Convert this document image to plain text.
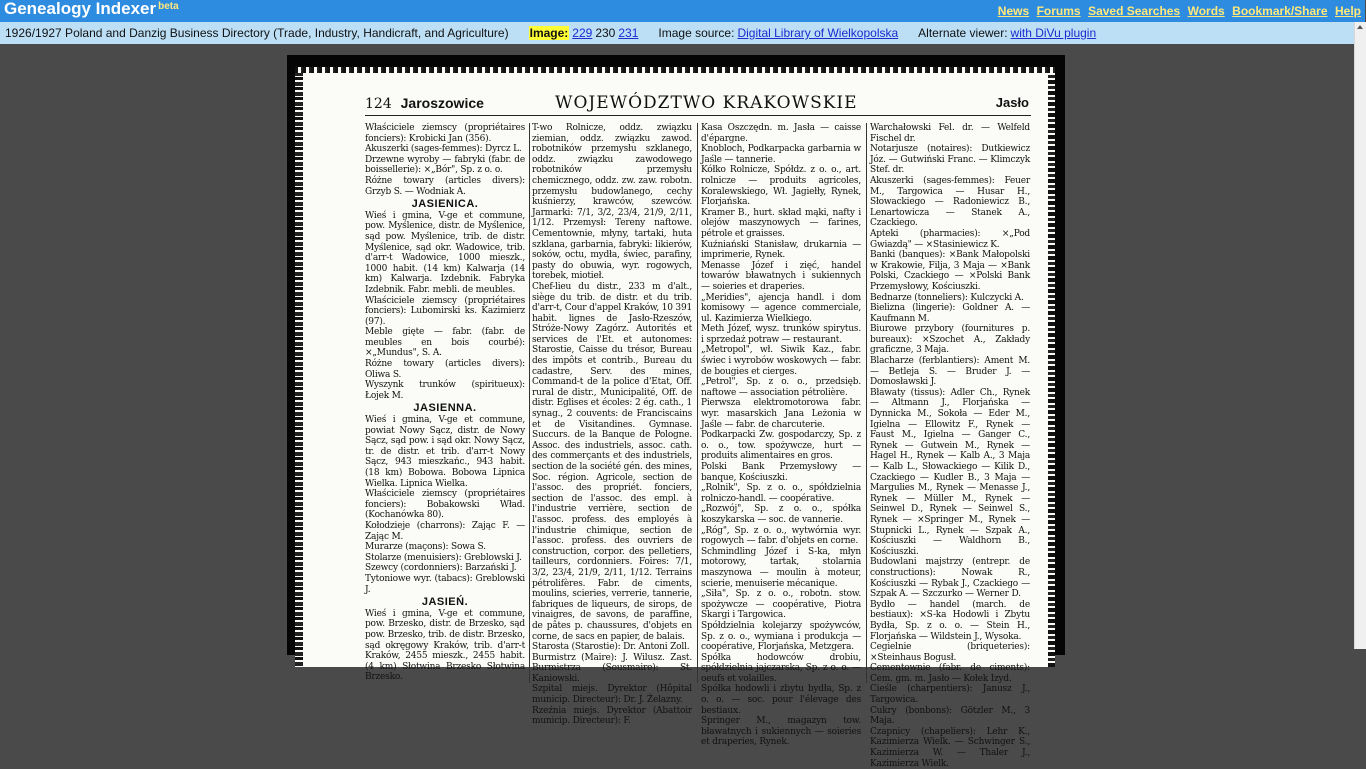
Genealogy Indexer $^{beta}$	News Forums Saved Searches Words Bookmark/Share Help
1926/1927 Poland and Danzig Business Directory (Trade, Industry, Handicraft, and Agriculture) Image: 229 230 231 Image source: Digital Library of Wielkopolska Alternate viewer: with DiVu plugin
124 Jaroszowice	WOJEWÓDZTWO KRAKOWSKIE	Jasło

Właściciele ziemscy (propriétaires fonciers): Krobicki Jan (356).

Akuszerki (sages-femmes): Dyrcz L.

Drzewne wyroby — fabryki (fabr. de boissellerie): ×„Bór", Sp. z o. o.

Różne towary (articles divers): Grzyb S. — Wodniak A.

JASIENICA.

Wieś i gmina, V-ge et commune, pow. Myślenice, distr. de Myślenice, sąd pow. Myślenice, trib. de distr. Myślenice, sąd okr. Wadowice, trib. d'arr-t Wadowice, 1000 mieszk., 1000 habit. (14 km) Kalwarja (14 km) Kalwarja. Izdebnik. Fabryka Izdebnik. Fabr. mebli. de meubles.

Właściciele ziemscy (propriétaires fonciers): Lubomirski ks. Kazimierz (97).

Meble gięte — fabr. (fabr. de meubles en bois courbé): ×„Mundus", S. A.

Różne towary (articles divers): Oliwa S.

Wyszynk trunków (spiritueux): Łojek M.

JASIENNA.

Wieś i gmina, V-ge et commune, powiat Nowy Sącz, distr. de Nowy Sącz, sąd pow. i sąd okr. Nowy Sącz, tr. de distr. et trib. d'arr-t Nowy Sącz, 943 mieszkańc., 943 habit. (18 km) Bobowa. Bobowa Lipnica Wielka. Lipnica Wielka.

Właściciele ziemscy (propriétaires fonciers): Bobakowski Wład. (Kochanówka 80).

Kołodzieje (charrons): Zając F. — Zając M.

Murarze (maçons): Sowa S.

Stolarze (menuisiers): Greblowski J.

Szewcy (cordonniers): Barzański J.

Tytoniowe wyr. (tabacs): Greblowski J.

JASIEŃ.

Wieś i gmina, V-ge et commune, pow. Brzesko, distr. de Brzesko, sąd pow. Brzesko, trib. de distr. Brzesko, sąd okręgowy Kraków, trib. d'arr-t Kraków, 2455 mieszk., 2455 habit. (4 km) Słotwina Brzesko Słotwina Brzesko.

T-wo Rolnicze, oddz. związku ziemian, oddz. związku zawod. robotników przemysłu szklanego, oddz. związku zawodowego robotników przemysłu chemicznego, oddz. zw. zaw. robotn. przemysłu budowlanego, cechy kuśnierzy, krawców, szewców. Jarmarki: 7/1, 3/2, 23/4, 21/9, 2/11, 1/12. Przemysł: Tereny naftowe. Cementownie, młyny, tartaki, huta szklana, garbarnia, fabryki: likierów, soków, octu, mydła, świec, parafiny, pasty do obuwia, wyr. rogowych, torebek, miotieł.

Chef-lieu du distr., 233 m d'alt., siège du trib. de distr. et du trib. d'arr-t, Cour d'appel Kraków, 10 391 habit. lignes de Jasło-Rzeszów, Stróże-Nowy Zagórz. Autorités et services de l'Et. et autonomes: Starostie, Caisse du trésor, Bureau des impôts et contrib., Bureau du cadastre, Serv. des mines, Command-t de la police d'Etat, Off. rural de distr., Municipalité, Off. de distr. Eglises et écoles: 2 ég. cath., 1 synag., 2 couvents: de Franciscains et de Visitandines. Gymnase. Succurs. de la Banque de Pologne. Assoc. des industriels, assoc. cath. des commerçants et des industriels, section de la société gén. des mines, Soc. région. Agricole, section de l'assoc. des propriét. fonciers, section de l'assoc. des empl. à l'industrie verrière, section de l'assoc. profess. des employés à l'industrie chimique, section de l'assoc. profess. des ouvriers de construction, corpor. des pelletiers, tailleurs, cordonniers. Foires: 7/1, 3/2, 23/4, 21/9, 2/11, 1/12. Terrains pétrolifères. Fabr. de ciments, moulins, scieries, verrerie, tannerie, fabriques de liqueurs, de sirops, de vinaigres, de savons, de paraffine, de pâtes p. chaussures, d'objets en corne, de sacs en papier, de balais.

Starosta (Starostie): Dr. Antoni Zoll.

Burmistrz (Maire): J. Wilusz. Zast. Burmistrza (Sousmaire): St. Kaniowski.

Szpital miejs. Dyrektor (Hôpital municip. Directeur): Dr. J. Żelazny.

Rzeźnia miejs. Dyrektor (Abattoir municip. Directeur): F.

Kasa Oszczędn. m. Jasła — caisse d'épargne.

Knobloch, Podkarpacka garbarnia w Jaśle — tannerie.

Kółko Rolnicze, Spółdz. z o. o., art. rolnicze — produits agricoles, Koralewskiego, Wł. Jagiełły, Rynek, Florjańska.

Kramer B., hurt. skład mąki, nafty i olejów maszynowych — farines, pétrole et graisses.

Kuźniański Stanisław, drukarnia — imprimerie, Rynek.

Menasse Józef i zięć, handel towarów bławatnych i sukiennych — soieries et draperies.

„Meridies", ajencja handl. i dom komisowy — agence commerciale, ul. Kazimierza Wielkiego.

Meth Józef, wysz. trunków spirytus. i sprzedaż potraw — restaurant.

„Metropol", wł. Siwik Kaz., fabr. świec i wyrobów woskowych — fabr. de bougies et cierges.

„Petrol", Sp. z o. o., przedsięb. naftowe — association pétrolière.

Pierwsza elektromotorowa fabr. wyr. masarskich Jana Leżonia w Jaśle — fabr. de charcuterie.

Podkarpacki Zw. gospodarczy, Sp. z o. o., tow. spożywcze, hurt — produits alimentaires en gros.

Polski Bank Przemysłowy — banque, Kościuszki.

„Rolnik", Sp. z o. o., spółdzielnia rolniczo-handl. — coopérative.

„Rozwój", Sp. z o. o., spółka koszykarska — soc. de vannerie.

„Róg", Sp. z o. o., wytwórnia wyr. rogowych — fabr. d'objets en corne.

Schmindling Józef i S-ka, młyn motorowy, tartak, stolarnia maszynowa — moulin à moteur, scierie, menuiserie mécanique.

„Siła", Sp. z o. o., robotn. stow. spożywcze — coopérative, Piotra Skargi i Targowica.

Spółdzielnia kolejarzy spożywców, Sp. z o. o., wymiana i produkcja — coopérative, Florjańska, Metzgera.

Spółka hodowców drobiu, spółdzielnia jajczarska, Sp. z o. o. — oeufs et volailles.

Spółka hodowli i zbytu bydła, Sp. z o. o. — soc. pour l'élevage des bestiaux.

Springer M., magazyn tow. bławatnych i sukiennych — soieries et draperies, Rynek.

Warchałowski Fel. dr. — Welfeld Fischel dr.

Notarjusze (notaires): Dutkiewicz Józ. — Gutwiński Franc. — Klimczyk Stef. dr.

Akuszerki (sages-femmes): Feuer M., Targowica — Husar H., Słowackiego — Radoniewicz B., Lenartowicza — Stanek A., Czackiego.

Apteki (pharmacies): ×„Pod Gwiazdą" — ×Stasiniewicz K.

Banki (banques): ×Bank Małopolski w Krakowie, Filja, 3 Maja — ×Bank Polski, Czackiego — ×Polski Bank Przemysłowy, Kościuszki.

Bednarze (tonneliers): Kulczycki A.

Bielizna (lingerie): Goldner A. — Kaufmann M.

Biurowe przybory (fournitures p. bureaux): ×Szochet A., Zakłady graficzne, 3 Maja.

Blacharze (ferblantiers): Ament M. — Betleja S. — Bruder J. — Domosławski J.

Bławaty (tissus): Adler Ch., Rynek — Altmann J., Florjańska — Dynnicka M., Sokoła — Eder M., Igielna — Ellowitz F., Rynek — Faust M., Igielna — Ganger C., Rynek — Gutwein M., Rynek — Hagel H., Rynek — Kalb A., 3 Maja — Kalb L., Słowackiego — Kilik D., Czackiego — Kudler B., 3 Maja — Margulies M., Rynek — Menasse J., Rynek — Müller M., Rynek — Seinwel D., Rynek — Seinwel S., Rynek — ×Springer M., Rynek — Stupnicki L., Rynek — Szpak A., Kościuszki — Waldhorn B., Kościuszki.

Budowlani majstrzy (entrepr. de constructions): Nowak R., Kościuszki — Rybak J., Czackiego — Szpak A. — Szczurko — Werner D.

Bydło — handel (march. de bestiaux): ×S-ka Hodowli i Zbytu Bydła, Sp. z o. o. — Stein H., Florjańska — Wildstein J., Wysoka.

Cegielnie (briqueteries): ×Steinhaus Bogusł.

Cementownie (fabr. de ciments): Cem. gm. m. Jasło — Kołek Izyd.

Cieśle (charpentiers): Janusz J., Targowica.

Cukry (bonbons): Götzler M., 3 Maja.

Czapnicy (chapeliers): Lehr K., Kazimierza Wielk. — Schwinger S., Kazimierza W. — Thaler J., Kazimierza Wielk.
